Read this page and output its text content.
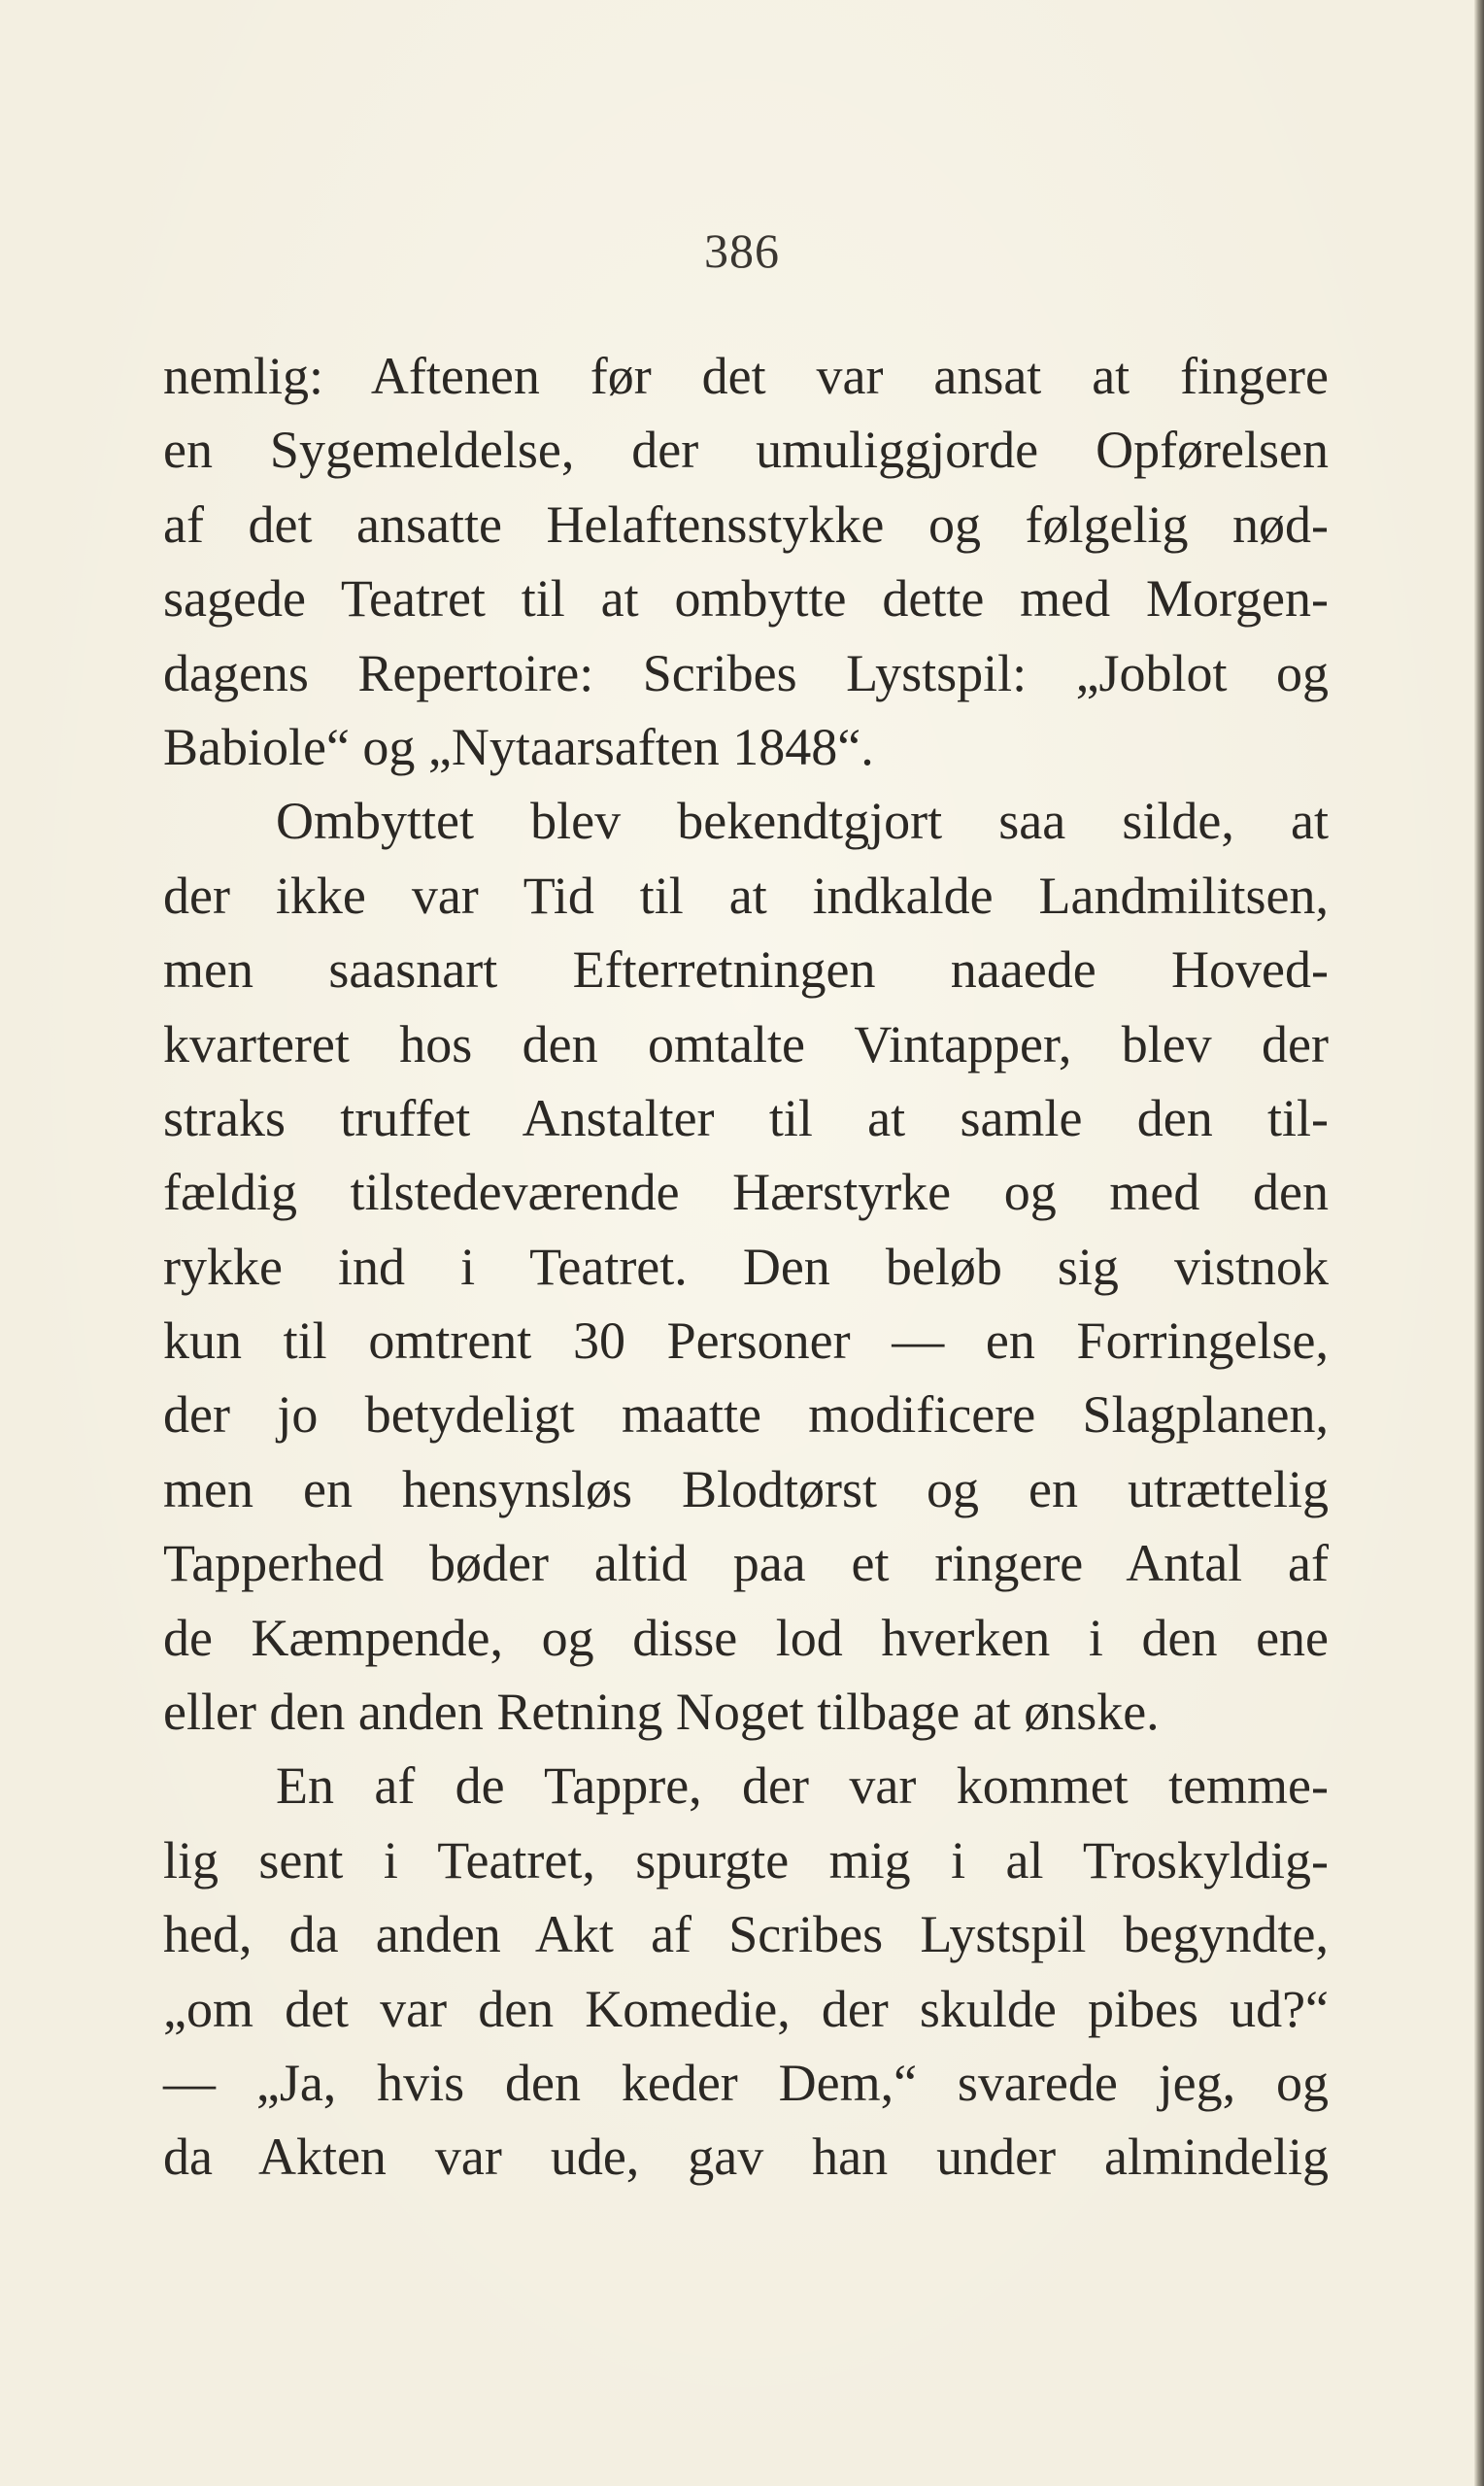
386
nemlig: Aftenen før det var ansat at fingere
en Sygemeldelse, der umuliggjorde Opførelsen
af det ansatte Helaftensstykke og følgelig nød-
sagede Teatret til at ombytte dette med Morgen-
dagens Repertoire: Scribes Lystspil: „Joblot og
Babiole“ og „Nytaarsaften 1848“.
Ombyttet blev bekendtgjort saa silde, at
der ikke var Tid til at indkalde Landmilitsen,
men saasnart Efterretningen naaede Hoved-
kvarteret hos den omtalte Vintapper, blev der
straks truffet Anstalter til at samle den til-
fældig tilstedeværende Hærstyrke og med den
rykke ind i Teatret. Den beløb sig vistnok
kun til omtrent 30 Personer — en Forringelse,
der jo betydeligt maatte modificere Slagplanen,
men en hensynsløs Blodtørst og en utrættelig
Tapperhed bøder altid paa et ringere Antal af
de Kæmpende, og disse lod hverken i den ene
eller den anden Retning Noget tilbage at ønske.
En af de Tappre, der var kommet temme-
lig sent i Teatret, spurgte mig i al Troskyldig-
hed, da anden Akt af Scribes Lystspil begyndte,
„om det var den Komedie, der skulde pibes ud?“
— „Ja, hvis den keder Dem,“ svarede jeg, og
da Akten var ude, gav han under almindelig
